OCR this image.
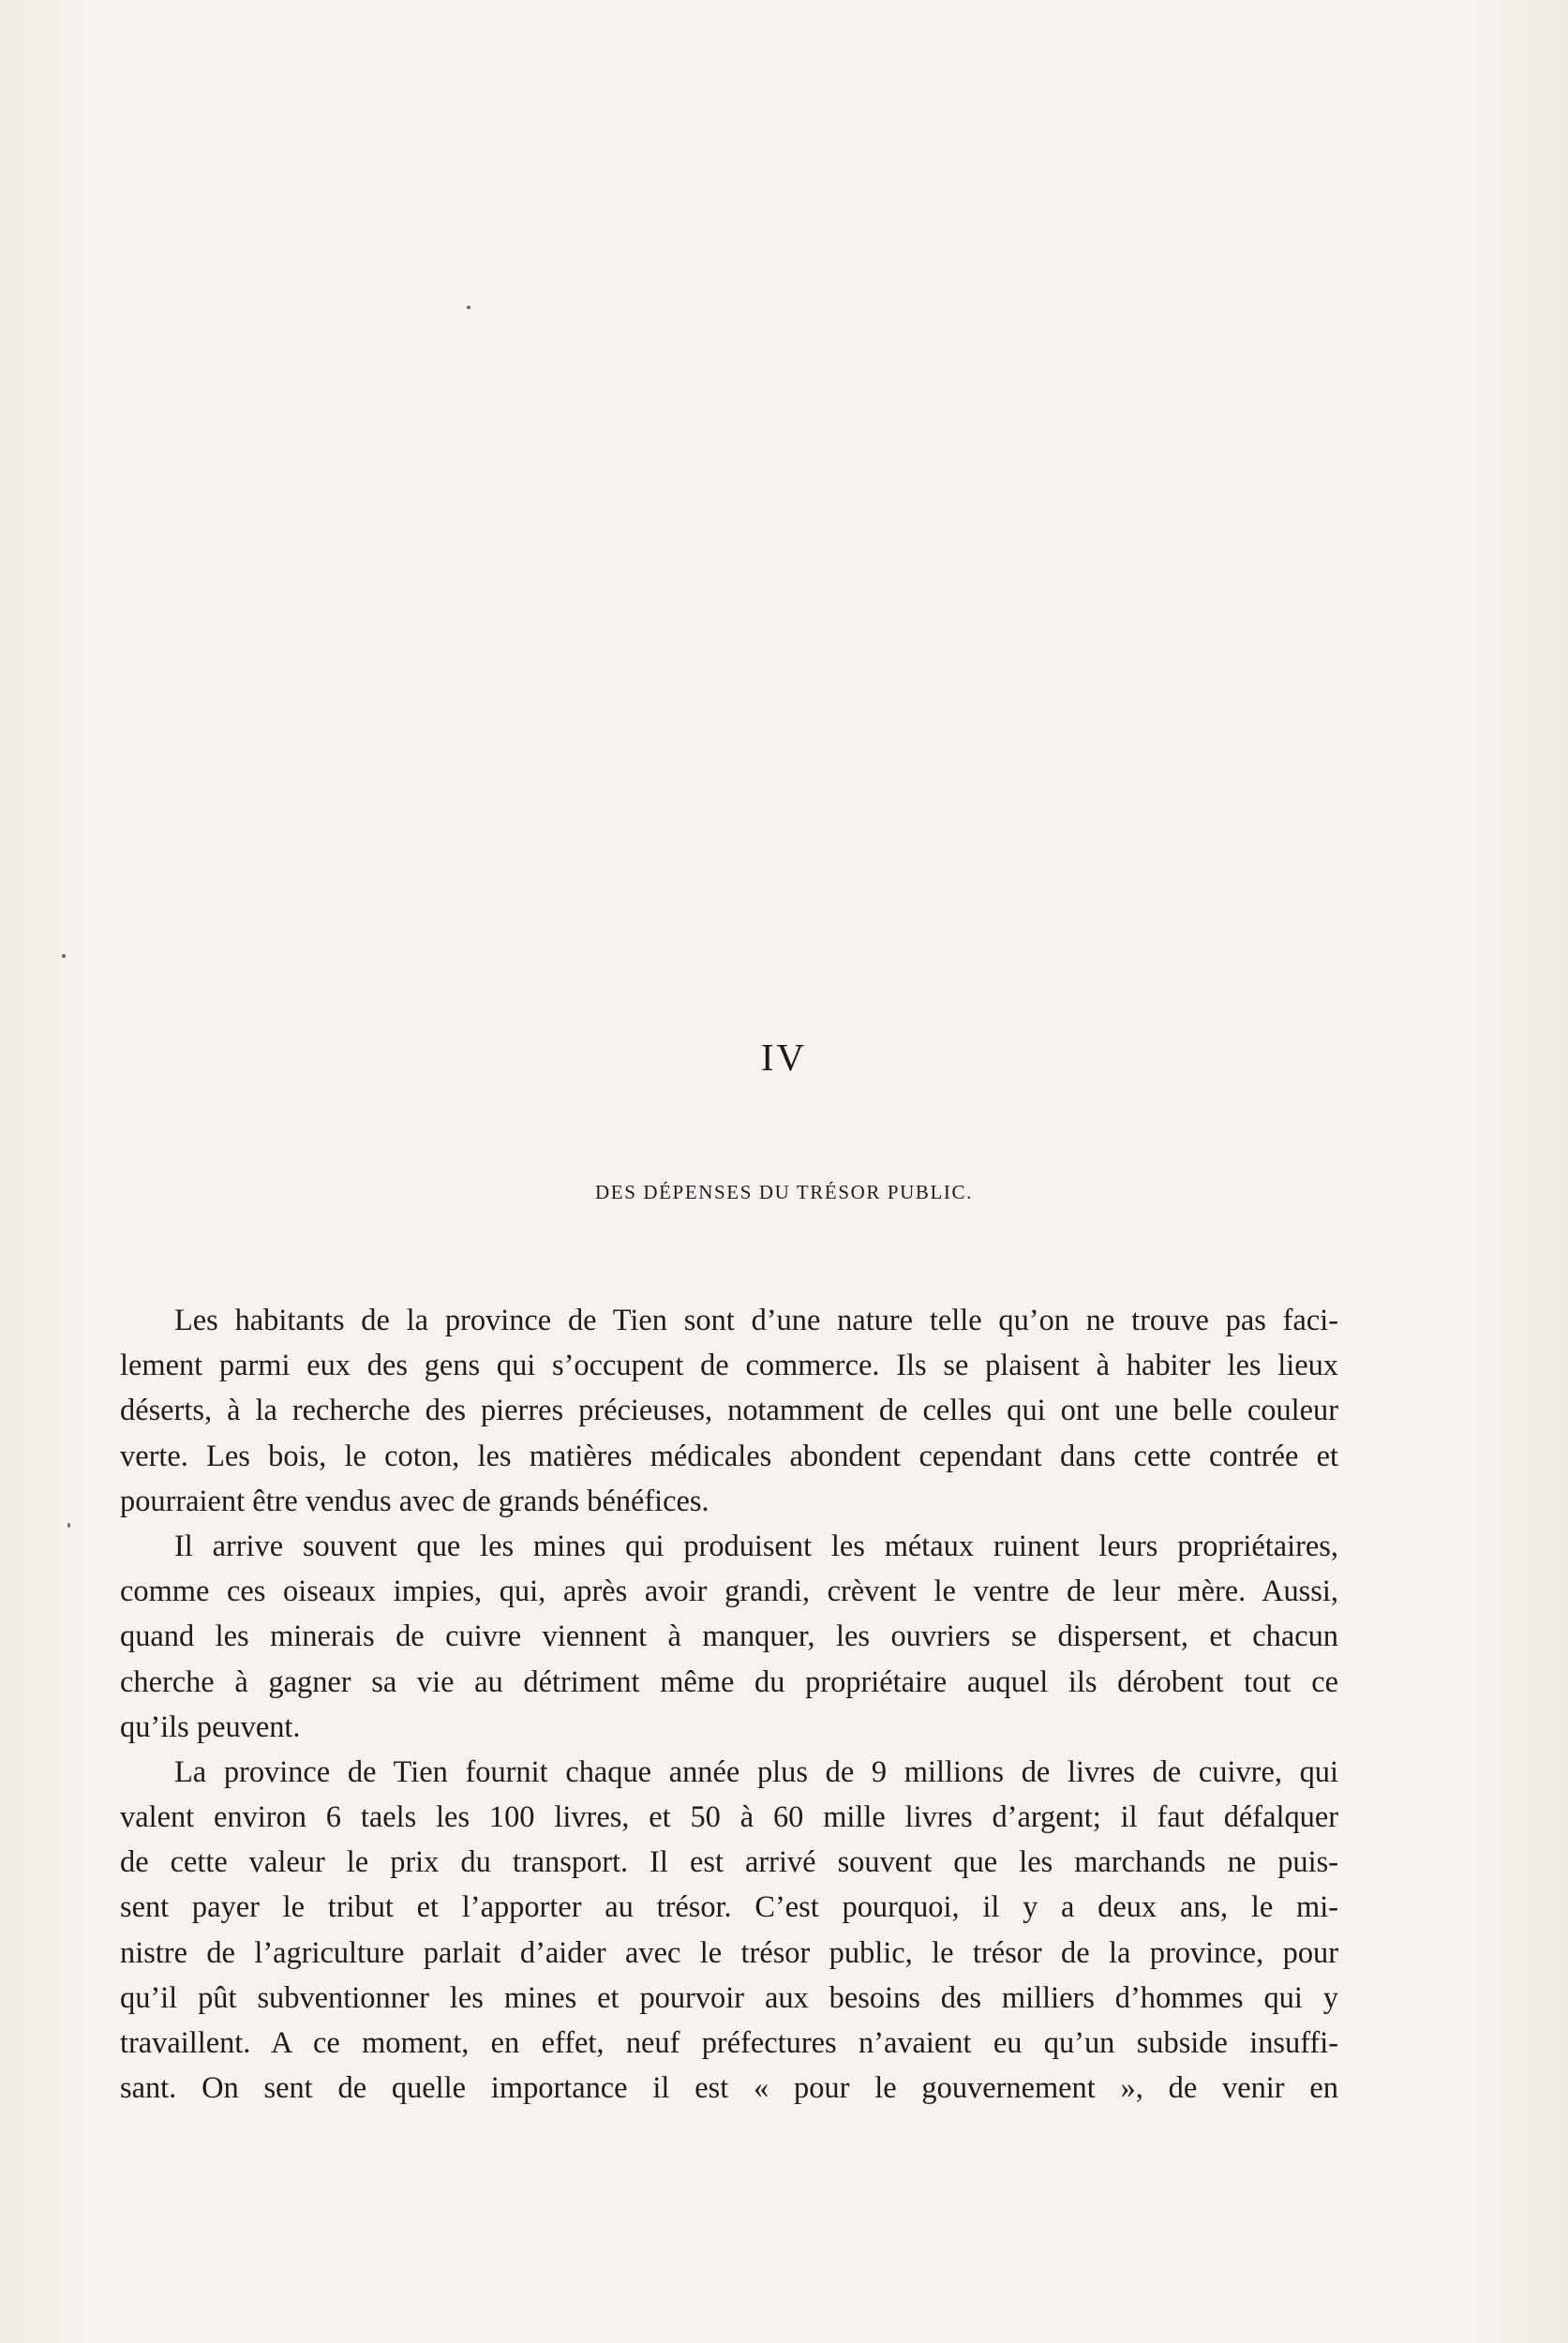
IV
DES DÉPENSES DU TRÉSOR PUBLIC.
Les habitants de la province de Tien sont d’une nature telle qu’on ne trouve pas faci-
lement parmi eux des gens qui s’occupent de commerce. Ils se plaisent à habiter les lieux
déserts, à la recherche des pierres précieuses, notamment de celles qui ont une belle couleur
verte. Les bois, le coton, les matières médicales abondent cependant dans cette contrée et
pourraient être vendus avec de grands bénéfices.
Il arrive souvent que les mines qui produisent les métaux ruinent leurs propriétaires,
comme ces oiseaux impies, qui, après avoir grandi, crèvent le ventre de leur mère. Aussi,
quand les minerais de cuivre viennent à manquer, les ouvriers se dispersent, et chacun
cherche à gagner sa vie au détriment même du propriétaire auquel ils dérobent tout ce
qu’ils peuvent.
La province de Tien fournit chaque année plus de 9 millions de livres de cuivre, qui
valent environ 6 taels les 100 livres, et 50 à 60 mille livres d’argent; il faut défalquer
de cette valeur le prix du transport. Il est arrivé souvent que les marchands ne puis-
sent payer le tribut et l’apporter au trésor. C’est pourquoi, il y a deux ans, le mi-
nistre de l’agriculture parlait d’aider avec le trésor public, le trésor de la province, pour
qu’il pût subventionner les mines et pourvoir aux besoins des milliers d’hommes qui y
travaillent. A ce moment, en effet, neuf préfectures n’avaient eu qu’un subside insuffi-
sant. On sent de quelle importance il est « pour le gouvernement », de venir en
